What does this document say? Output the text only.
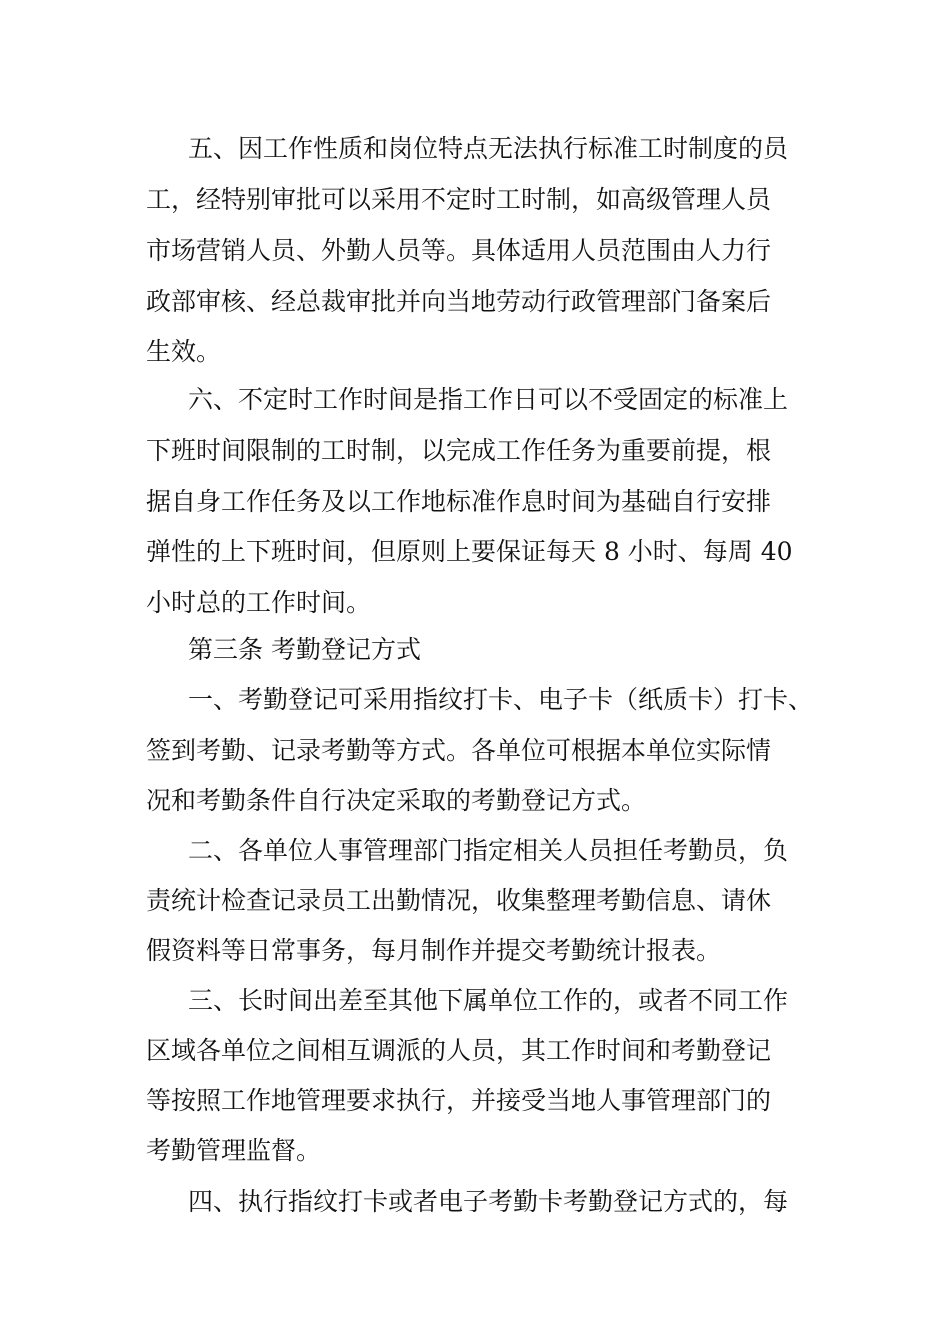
五、因工作性质和岗位特点无法执行标准工时制度的员
工，经特别审批可以采用不定时工时制，如高级管理人员
市场营销人员、外勤人员等。具体适用人员范围由人力行
政部审核、经总裁审批并向当地劳动行政管理部门备案后
生效。
六、不定时工作时间是指工作日可以不受固定的标准上
下班时间限制的工时制，以完成工作任务为重要前提，根
据自身工作任务及以工作地标准作息时间为基础自行安排
弹性的上下班时间，但原则上要保证每天 8 小时、每周 40
小时总的工作时间。
第三条 考勤登记方式
一、考勤登记可采用指纹打卡、电子卡（纸质卡）打卡、
签到考勤、记录考勤等方式。各单位可根据本单位实际情
况和考勤条件自行决定采取的考勤登记方式。
二、各单位人事管理部门指定相关人员担任考勤员，负
责统计检查记录员工出勤情况，收集整理考勤信息、请休
假资料等日常事务，每月制作并提交考勤统计报表。
三、长时间出差至其他下属单位工作的，或者不同工作
区域各单位之间相互调派的人员，其工作时间和考勤登记
等按照工作地管理要求执行，并接受当地人事管理部门的
考勤管理监督。
四、执行指纹打卡或者电子考勤卡考勤登记方式的，每
